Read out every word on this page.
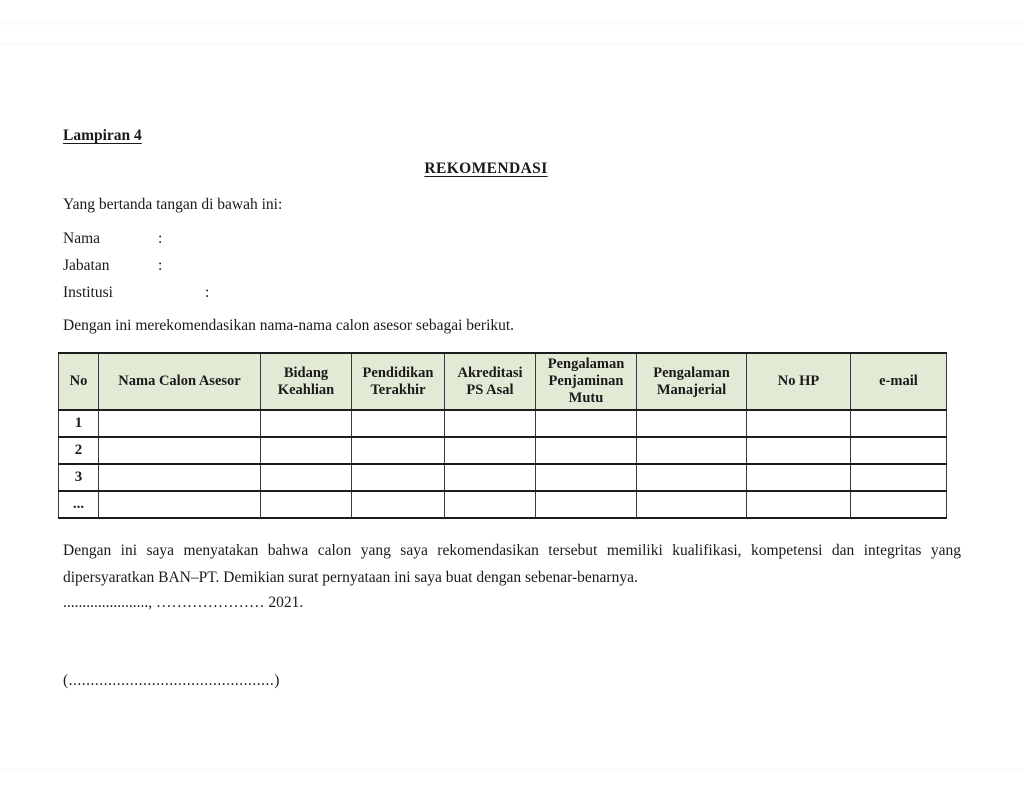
Lampiran 4
REKOMENDASI
Yang bertanda tangan di bawah ini:
Nama	:
Jabatan	:
Institusi	:
Dengan ini merekomendasikan nama-nama calon asesor sebagai berikut.
No	Nama Calon Asesor	Bidang Keahlian	Pendidikan Terakhir	Akreditasi PS Asal	Pengalaman Penjaminan Mutu	Pengalaman Manajerial	No HP	e-mail
1								
2								
3								
...								
Dengan ini saya menyatakan bahwa calon yang saya rekomendasikan tersebut memiliki kualifikasi, kompetensi dan integritas yang dipersyaratkan BAN–PT. Demikian surat pernyataan ini saya buat dengan sebenar-benarnya.
......................, ………………… 2021.
(...............................................)
